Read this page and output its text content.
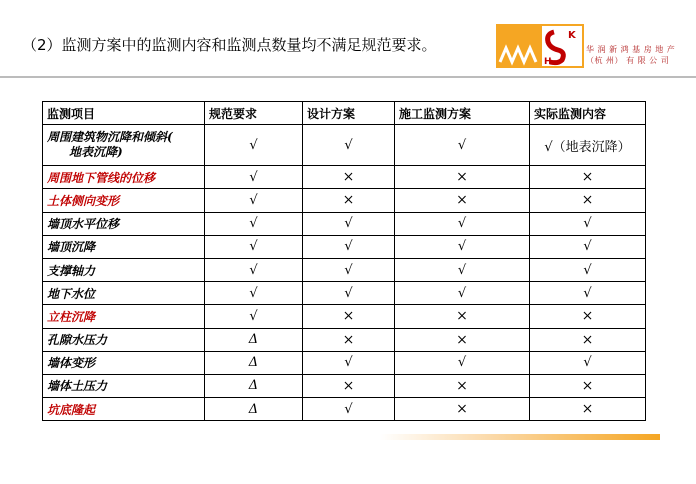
（2）监测方案中的监测内容和监测点数量均不满足规范要求。
K
H
华 润 新 鸿 基 房 地 产
（杭 州） 有 限 公 司
监测项目	规范要求	设计方案	施工监测方案	实际监测内容

周围建筑物沉降和倾斜(
地表沉降)	√	√	√	√（地表沉降）
周围地下管线的位移	√	×	×	×
土体侧向变形	√	×	×	×
墙顶水平位移	√	√	√	√
墙顶沉降	√	√	√	√
支撑轴力	√	√	√	√
地下水位	√	√	√	√
立柱沉降	√	×	×	×
孔隙水压力	Δ	×	×	×
墙体变形	Δ	√	√	√
墙体土压力	Δ	×	×	×
坑底隆起	Δ	√	×	×
